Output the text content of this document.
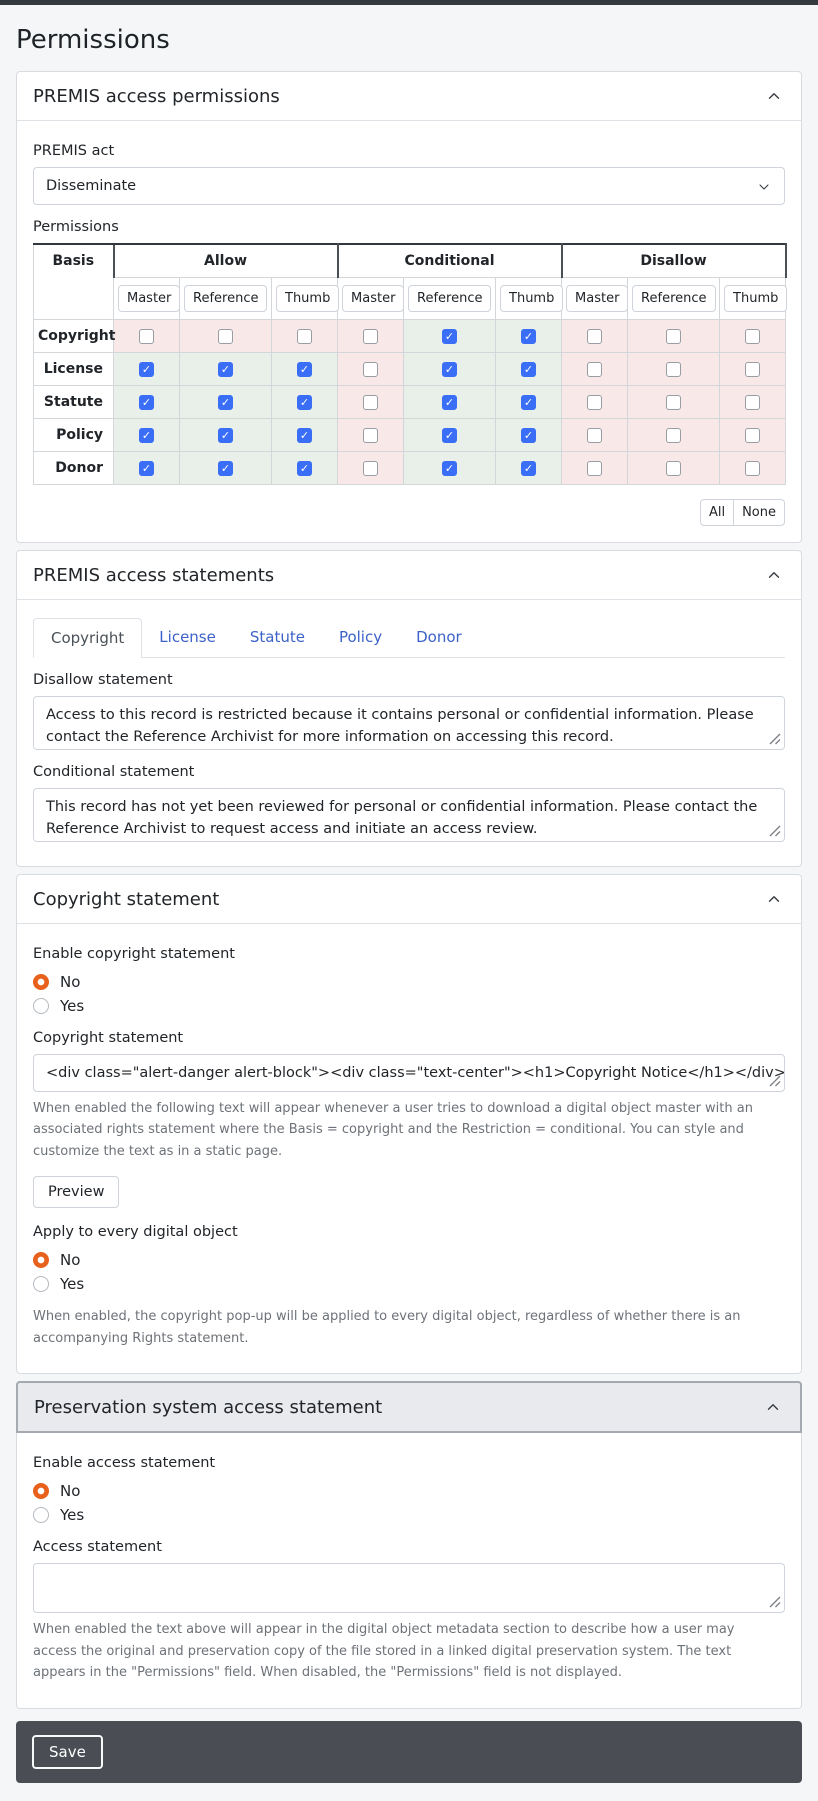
Permissions
PREMIS access permissions
PREMIS act
Disseminate
Permissions
Basis	Allow			Conditional			Disallow		
	Master	Reference	Thumb	Master	Reference	Thumb	Master	Reference	Thumb
Copyright					✓	✓			
License	✓	✓	✓		✓	✓			
Statute	✓	✓	✓		✓	✓			
Policy	✓	✓	✓		✓	✓			
Donor	✓	✓	✓		✓	✓			
All	None
PREMIS access statements
Copyright	License	Statute	Policy	Donor
Disallow statement
Access to this record is restricted because it contains personal or confidential information. Please contact the Reference Archivist for more information on accessing this record.
Conditional statement
This record has not yet been reviewed for personal or confidential information. Please contact the Reference Archivist to request access and initiate an access review.
Copyright statement
Enable copyright statement
No
Yes
Copyright statement
<div class="alert-danger alert-block"><div class="text-center"><h1>Copyright Notice</h1></div></div><p>

When enabled the following text will appear whenever a user tries to download a digital object master with an associated rights statement where the Basis = copyright and the Restriction = conditional. You can style and customize the text as in a static page.

Preview
Apply to every digital object
No
Yes

When enabled, the copyright pop-up will be applied to every digital object, regardless of whether there is an accompanying Rights statement.

Preservation system access statement
Enable access statement
No
Yes
Access statement

When enabled the text above will appear in the digital object metadata section to describe how a user may access the original and preservation copy of the file stored in a linked digital preservation system. The text appears in the "Permissions" field. When disabled, the "Permissions" field is not displayed.

Save
